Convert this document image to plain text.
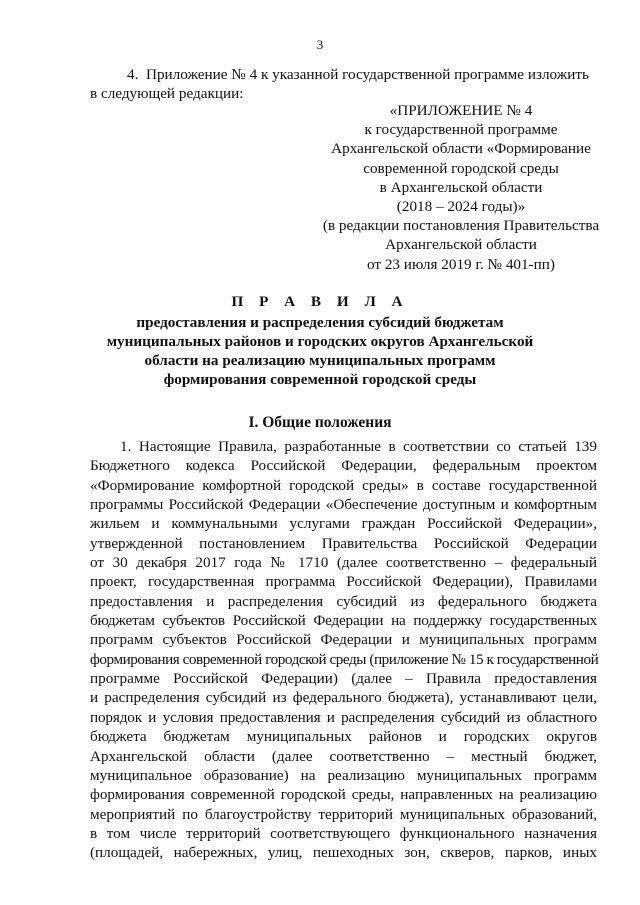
3
4.  Приложение № 4 к указанной государственной программе изложить
в следующей редакции:
«ПРИЛОЖЕНИЕ № 4
к государственной программе
Архангельской области «Формирование
современной городской среды
в Архангельской области
(2018 – 2024 годы)»
(в редакции постановления Правительства
Архангельской области
от 23 июля 2019 г. № 401-пп)
П Р А В И Л А
предоставления и распределения субсидий бюджетам
муниципальных районов и городских округов Архангельской
области на реализацию муниципальных программ
формирования современной городской среды
I. Общие положения
1. Настоящие Правила, разработанные в соответствии со статьей 139
Бюджетного кодекса Российской Федерации, федеральным проектом
«Формирование комфортной городской среды» в составе государственной
программы Российской Федерации «Обеспечение доступным и комфортным
жильем и коммунальными услугами граждан Российской Федерации»,
утвержденной постановлением Правительства Российской Федерации
от 30 декабря 2017 года № 1710 (далее соответственно – федеральный
проект, государственная программа Российской Федерации), Правилами
предоставления и распределения субсидий из федерального бюджета
бюджетам субъектов Российской Федерации на поддержку государственных
программ субъектов Российской Федерации и муниципальных программ
формирования современной городской среды (приложение № 15 к государственной
программе Российской Федерации) (далее – Правила предоставления
и распределения субсидий из федерального бюджета), устанавливают цели,
порядок и условия предоставления и распределения субсидий из областного
бюджета бюджетам муниципальных районов и городских округов
Архангельской области (далее соответственно – местный бюджет,
муниципальное образование) на реализацию муниципальных программ
формирования современной городской среды, направленных на реализацию
мероприятий по благоустройству территорий муниципальных образований,
в том числе территорий соответствующего функционального назначения
(площадей, набережных, улиц, пешеходных зон, скверов, парков, иных
